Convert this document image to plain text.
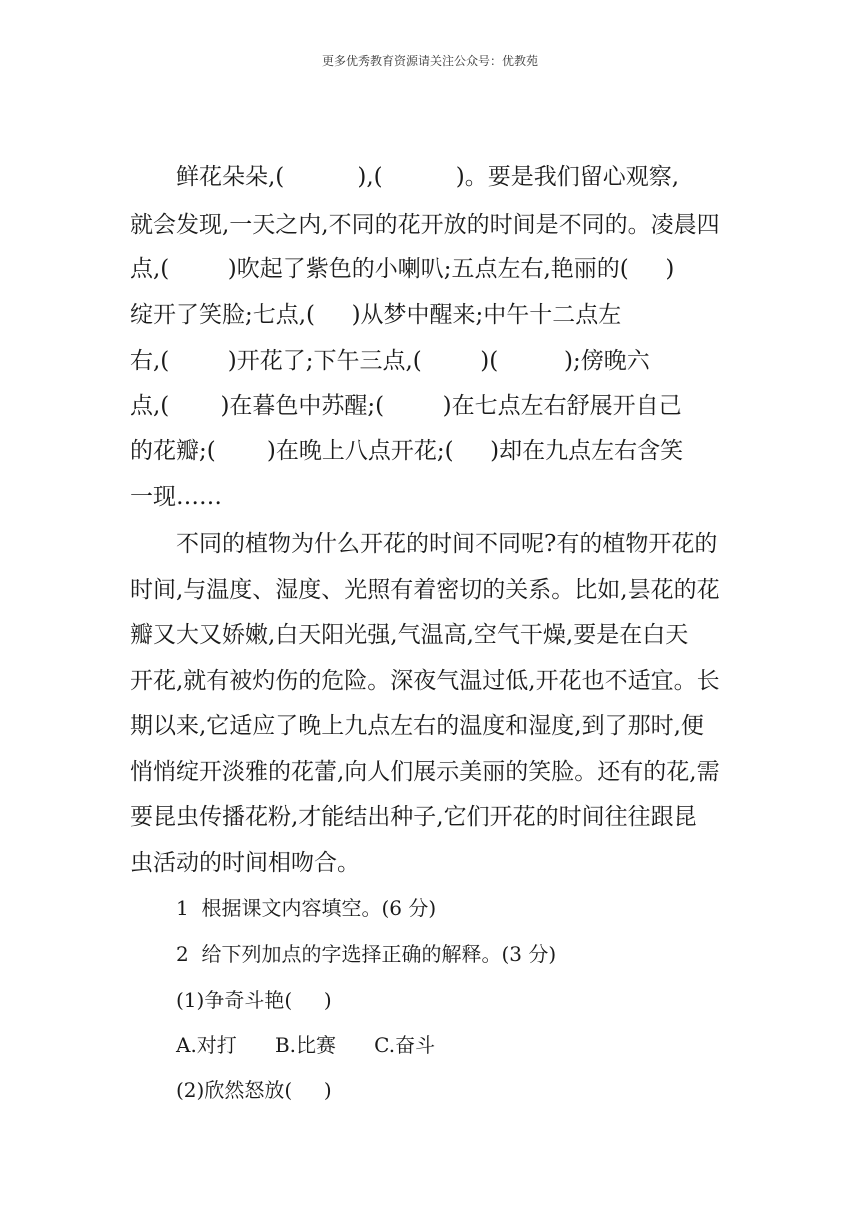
更多优秀教育资源请关注公众号：优教苑
鲜花朵朵,(          ),(          )。要是我们留心观察,
就会发现,一天之内,不同的花开放的时间是不同的。凌晨四
点,(        )吹起了紫色的小喇叭;五点左右,艳丽的(     )
绽开了笑脸;七点,(     )从梦中醒来;中午十二点左
右,(        )开花了;下午三点,(        )(         );傍晚六
点,(       )在暮色中苏醒;(        )在七点左右舒展开自己
的花瓣;(       )在晚上八点开花;(     )却在九点左右含笑
一现……
不同的植物为什么开花的时间不同呢?有的植物开花的
时间,与温度、湿度、光照有着密切的关系。比如,昙花的花
瓣又大又娇嫩,白天阳光强,气温高,空气干燥,要是在白天
开花,就有被灼伤的危险。深夜气温过低,开花也不适宜。长
期以来,它适应了晚上九点左右的温度和湿度,到了那时,便
悄悄绽开淡雅的花蕾,向人们展示美丽的笑脸。还有的花,需
要昆虫传播花粉,才能结出种子,它们开花的时间往往跟昆
虫活动的时间相吻合。
1  根据课文内容填空。(6 分)
2  给下列加点的字选择正确的解释。(3 分)
(1)争奇斗艳(     )
A.对打      B.比赛      C.奋斗
(2)欣然怒放(     )
